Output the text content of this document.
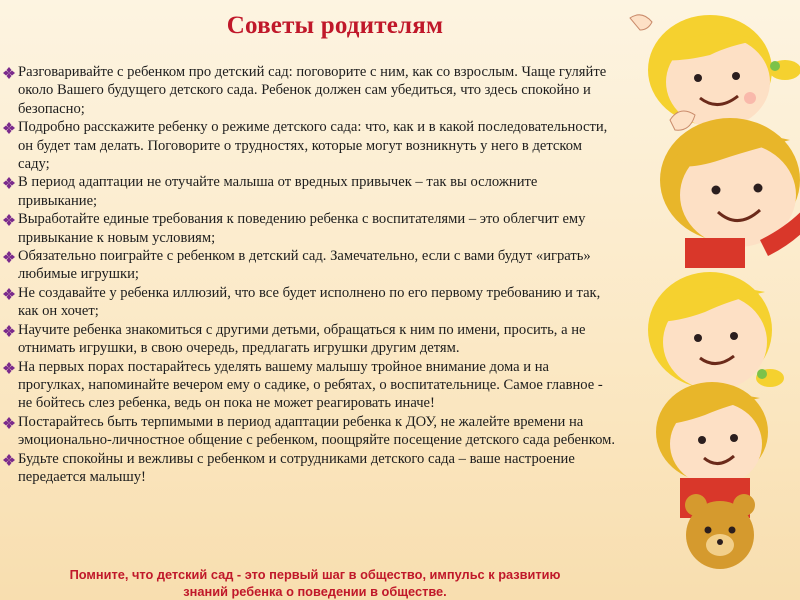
Советы родителям
Разговаривайте с ребенком про детский сад: поговорите с ним, как со взрослым. Чаще гуляйте около Вашего будущего детского сада. Ребенок должен сам убедиться, что здесь спокойно и безопасно;
Подробно расскажите ребенку о режиме детского сада: что, как и в какой последовательности, он будет там делать. Поговорите о трудностях, которые могут возникнуть у него в детском саду;
В период адаптации не отучайте малыша от вредных привычек – так вы осложните привыкание;
Выработайте единые требования к поведению ребенка с воспитателями – это облегчит ему привыкание к новым условиям;
Обязательно поиграйте с ребенком в детский сад. Замечательно, если с вами будут «играть» любимые игрушки;
Не создавайте у ребенка иллюзий, что все будет исполнено по его первому требованию и так, как он хочет;
Научите ребенка знакомиться с другими детьми, обращаться к ним по имени, просить, а не отнимать игрушки, в свою очередь, предлагать игрушки другим детям.
На первых порах постарайтесь уделять вашему малышу тройное внимание дома и на прогулках, напоминайте вечером ему о садике, о ребятах, о воспитательнице. Самое главное - не бойтесь слез ребенка, ведь он пока не может реагировать иначе!
Постарайтесь быть терпимыми в период адаптации ребенка к ДОУ, не жалейте времени на эмоционально-личностное общение с ребенком, поощряйте посещение детского сада ребенком.
Будьте спокойны и вежливы с ребенком и сотрудниками детского сада – ваше настроение передается малышу!
Помните, что детский сад - это первый шаг в общество, импульс к развитию
знаний ребенка о поведении в обществе.
